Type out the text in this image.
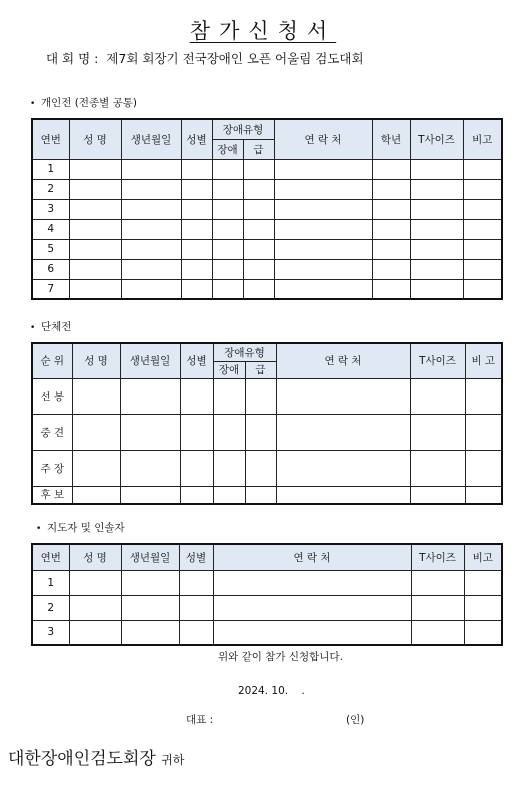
참가신청서
대 회 명 :  제7회 회장기 전국장애인 오픈 어울림 검도대회
• 개인전 (전종별 공통)
연번	성 명	생년월일	성별	장애유형		연 락 처	학년	T사이즈	비고
				장애	급				
1									
2									
3									
4									
5									
6									
7									
• 단체전
순 위	성 명	생년월일	성별	장애유형		연 락 처	T사이즈	비 고
				장애	급			
선 봉								
중 견								
주 장								
후 보								
• 지도자 및 인솔자
연번	성 명	생년월일	성별	연 락 처	T사이즈	비고
1						
2						
3						
위와 같이 참가 신청합니다.
2024. 10.    .
대표 :	(인)
대한장애인검도회장 귀하
